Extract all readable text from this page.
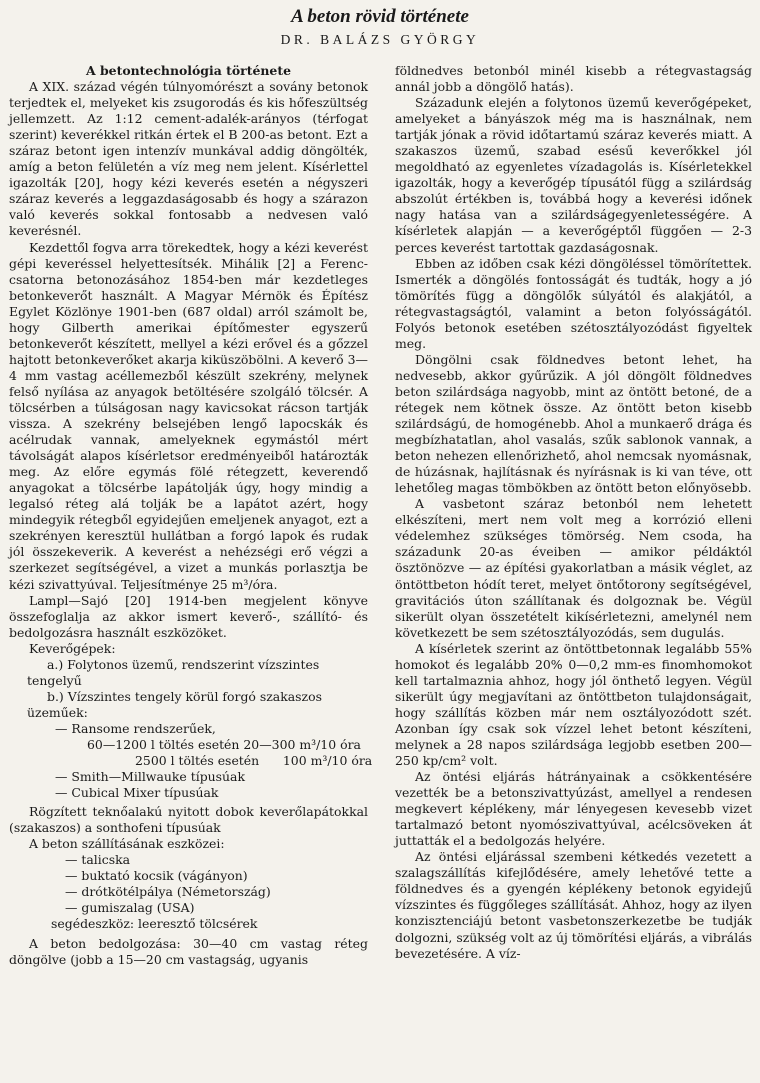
A beton rövid története
DR. BALÁZS GYÖRGY

A betontechnológia története

A XIX. század végén túlnyomórészt a sovány betonok terjedtek el, melyeket kis zsugorodás és kis hőfeszültség jellemzett. Az 1:12 cement-adalék-arányos (térfogat szerint) keverékkel ritkán értek el B 200-as betont. Ezt a száraz betont igen intenzív munkával addig döngölték, amíg a beton felületén a víz meg nem jelent. Kísérlettel igazolták [20], hogy kézi keverés esetén a négyszeri száraz keverés a leggazdaságosabb és hogy a szárazon való keverés sokkal fontosabb a nedvesen való keverésnél.

Kezdettől fogva arra törekedtek, hogy a kézi keverést gépi keveréssel helyettesítsék. Mihálik [2] a Ferenc-csatorna betonozásához 1854-ben már kezdetleges betonkeverőt használt. A Magyar Mérnök és Építész Egylet Közlönye 1901-ben (687 oldal) arról számolt be, hogy Gilberth amerikai építőmester egyszerű betonkeverőt készített, mellyel a kézi erővel és a gőzzel hajtott betonkeverőket akarja kiküszöbölni. A keverő 3—4 mm vastag acéllemezből készült szekrény, melynek felső nyílása az anyagok betöltésére szolgáló tölcsér. A tölcsérben a túlságosan nagy kavicsokat rácson tartják vissza. A szekrény belsejében lengő lapocskák és acélrudak vannak, amelyeknek egymástól mért távolságát alapos kísérletsor eredményeiből határozták meg. Az előre egymás fölé rétegzett, keverendő anyagokat a tölcsérbe lapátolják úgy, hogy mindig a legalsó réteg alá tolják be a lapátot azért, hogy mindegyik rétegből egyidejűen emeljenek anyagot, ezt a szekrényen keresztül hullátban a forgó lapok és rudak jól összekeverik. A keverést a nehézségi erő végzi a szerkezet segítségével, a vizet a munkás porlasztja be kézi szivattyúval. Teljesítménye 25 m³/óra.

Lampl—Sajó [20] 1914-ben megjelent könyve összefoglalja az akkor ismert keverő-, szállító- és bedolgozásra használt eszközöket.

Keverőgépek:

a.) Folytonos üzemű, rendszerint vízszintes tengelyű

b.) Vízszintes tengely körül forgó szakaszos üzeműek:

— Ransome rendszerűek,

60—1200 l töltés esetén 20—300 m³/10 óra

2500 l töltés esetén      100 m³/10 óra

— Smith—Millwauke típusúak

— Cubical Mixer típusúak

Rögzített teknőalakú nyitott dobok keverőlapátokkal (szakaszos) a sonthofeni típusúak

A beton szállításának eszközei:

— talicska

— buktató kocsik (vágányon)

— drótkötélpálya (Németország)

— gumiszalag (USA)

segédeszköz: leeresztő tölcsérek

A beton bedolgozása: 30—40 cm vastag réteg döngölve (jobb a 15—20 cm vastagság, ugyanis

földnedves betonból minél kisebb a rétegvastagság annál jobb a döngölő hatás).

Századunk elején a folytonos üzemű keverőgépeket, amelyeket a bányászok még ma is használnak, nem tartják jónak a rövid időtartamú száraz keverés miatt. A szakaszos üzemű, szabad esésű keverőkkel jól megoldható az egyenletes vízadagolás is. Kísérletekkel igazolták, hogy a keverőgép típusától függ a szilárdság abszolút értékben is, továbbá hogy a keverési időnek nagy hatása van a szilárdságegyenletességére. A kísérletek alapján — a keverőgéptől függően — 2-3 perces keverést tartottak gazdaságosnak.

Ebben az időben csak kézi döngöléssel tömörítettek. Ismerték a döngölés fontosságát és tudták, hogy a jó tömörítés függ a döngölők súlyától és alakjától, a rétegvastagságtól, valamint a beton folyósságától. Folyós betonok esetében szétosztályozódást figyeltek meg.

Döngölni csak földnedves betont lehet, ha nedvesebb, akkor gyűrűzik. A jól döngölt földnedves beton szilárdsága nagyobb, mint az öntött betoné, de a rétegek nem kötnek össze. Az öntött beton kisebb szilárdságú, de homogénebb. Ahol a munkaerő drága és megbízhatatlan, ahol vasalás, szűk sablonok vannak, a beton nehezen ellenőrizhető, ahol nemcsak nyomásnak, de húzásnak, hajlításnak és nyírásnak is ki van téve, ott lehetőleg magas tömbökben az öntött beton előnyösebb.

A vasbetont száraz betonból nem lehetett elkészíteni, mert nem volt meg a korrózió elleni védelemhez szükséges tömörség. Nem csoda, ha századunk 20-as éveiben — amikor példáktól ösztönözve — az építési gyakorlatban a másik véglet, az öntöttbeton hódít teret, melyet öntőtorony segítségével, gravitációs úton szállítanak és dolgoznak be. Végül sikerült olyan összetételt kikísérletezni, amelynél nem következett be sem szétosztályozódás, sem dugulás.

A kísérletek szerint az öntöttbetonnak legalább 55% homokot és legalább 20% 0—0,2 mm-es finomhomokot kell tartalmaznia ahhoz, hogy jól önthető legyen. Végül sikerült úgy megjavítani az öntöttbeton tulajdonságait, hogy szállítás közben már nem osztályozódott szét. Azonban így csak sok vízzel lehet betont készíteni, melynek a 28 napos szilárdsága legjobb esetben 200—250 kp/cm² volt.

Az öntési eljárás hátrányainak a csökkentésére vezették be a betonszivattyúzást, amellyel a rendesen megkevert képlékeny, már lényegesen kevesebb vizet tartalmazó betont nyomószivattyúval, acélcsöveken át juttatták el a bedolgozás helyére.

Az öntési eljárással szembeni kétkedés vezetett a szalagszállítás kifejlődésére, amely lehetővé tette a földnedves és a gyengén képlékeny betonok egyidejű vízszintes és függőleges szállítását. Ahhoz, hogy az ilyen konzisztenciájú betont vasbetonszerkezetbe be tudják dolgozni, szükség volt az új tömörítési eljárás, a vibrálás bevezetésére. A víz-
